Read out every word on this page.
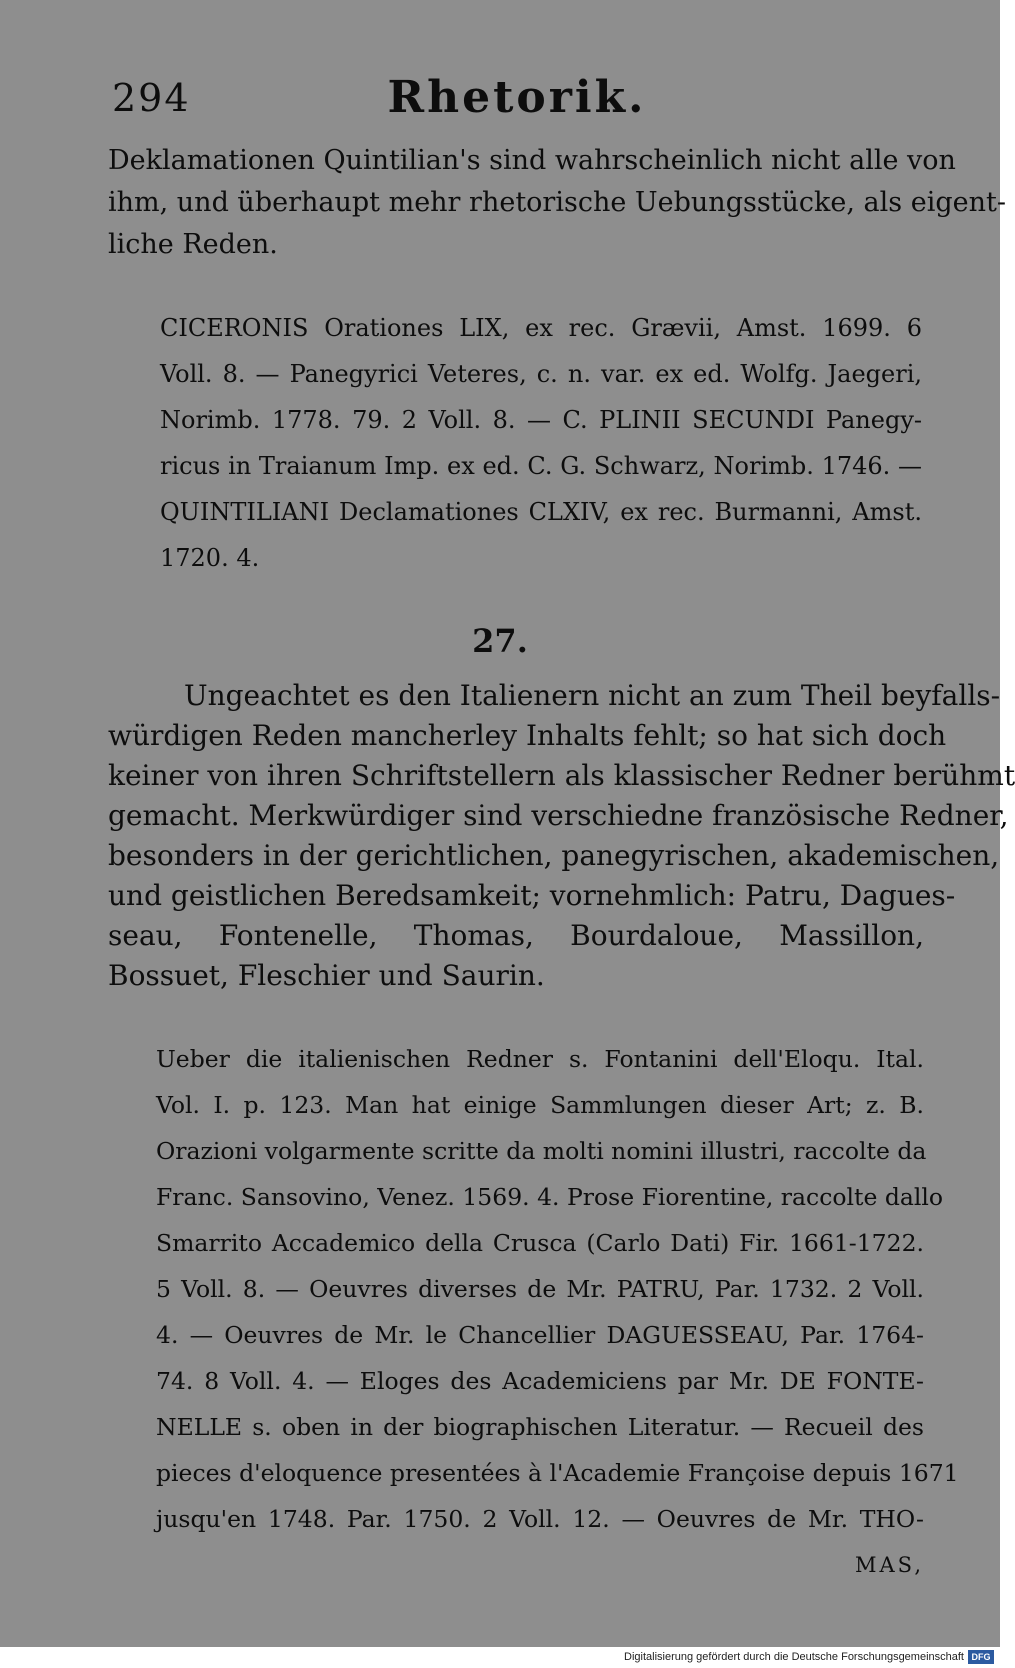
294	Rhetorik.
Deklamationen Quintilian's sind wahrscheinlich nicht alle von
ihm, und überhaupt mehr rhetorische Uebungsstücke, als eigent-
liche Reden.
CICERONIS Orationes LIX, ex rec. Grævii, Amst. 1699. 6
Voll. 8. — Panegyrici Veteres, c. n. var. ex ed. Wolfg. Jaegeri,
Norimb. 1778. 79. 2 Voll. 8. — C. PLINII SECUNDI Panegy-
ricus in Traianum Imp. ex ed. C. G. Schwarz, Norimb. 1746. —
QUINTILIANI Declamationes CLXIV, ex rec. Burmanni, Amst.
1720. 4.
27.
Ungeachtet es den Italienern nicht an zum Theil beyfalls-
würdigen Reden mancherley Inhalts fehlt; so hat sich doch
keiner von ihren Schriftstellern als klassischer Redner berühmt
gemacht. Merkwürdiger sind verschiedne französische Redner,
besonders in der gerichtlichen, panegyrischen, akademischen,
und geistlichen Beredsamkeit; vornehmlich: Patru, Dagues-
seau, Fontenelle, Thomas, Bourdaloue, Massillon,
Bossuet, Fleschier und Saurin.
Ueber die italienischen Redner s. Fontanini dell'Eloqu. Ital.
Vol. I. p. 123. Man hat einige Sammlungen dieser Art; z. B.
Orazioni volgarmente scritte da molti nomini illustri, raccolte da
Franc. Sansovino, Venez. 1569. 4. Prose Fiorentine, raccolte dallo
Smarrito Accademico della Crusca (Carlo Dati) Fir. 1661-1722.
5 Voll. 8. — Oeuvres diverses de Mr. PATRU, Par. 1732. 2 Voll.
4. — Oeuvres de Mr. le Chancellier DAGUESSEAU, Par. 1764-
74. 8 Voll. 4. — Eloges des Academiciens par Mr. DE FONTE-
NELLE s. oben in der biographischen Literatur. — Recueil des
pieces d'eloquence presentées à l'Academie Françoise depuis 1671
jusqu'en 1748. Par. 1750. 2 Voll. 12. — Oeuvres de Mr. THO-
MAS,
Digitalisierung gefördert durch die Deutsche Forschungsgemeinschaft DFG
